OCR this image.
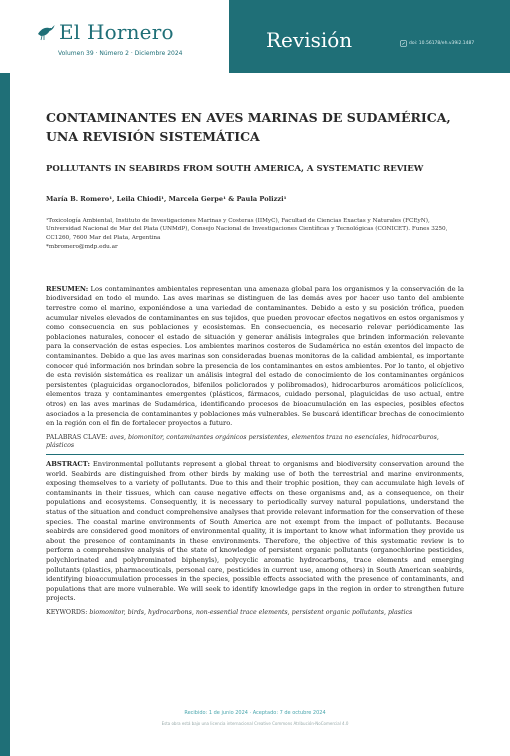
El Hornero
Volumen 39 · Número 2 · Diciembre 2024
Revisión	doi: 10.56178/eh.v39i2.1487
CONTAMINANTES EN AVES MARINAS DE SUDAMÉRICA, UNA REVISIÓN SISTEMÁTICA
POLLUTANTS IN SEABIRDS FROM SOUTH AMERICA, A SYSTEMATIC REVIEW

María B. Romero¹, Leila Chiodi¹, Marcela Gerpe¹ & Paula Polizzi¹

¹Toxicología Ambiental, Instituto de Investigaciones Marinas y Costeras (IIMyC), Facultad de Ciencias Exactas y Naturales (FCEyN), Universidad Nacional de Mar del Plata (UNMdP), Consejo Nacional de Investigaciones Científicas y Tecnológicas (CONICET). Funes 3250, CC1260, 7600 Mar del Plata, Argentina

*mbromero@mdp.edu.ar

RESUMEN: Los contaminantes ambientales representan una amenaza global para los organismos y la conservación de la biodiversidad en todo el mundo. Las aves marinas se distinguen de las demás aves por hacer uso tanto del ambiente terrestre como el marino, exponiéndose a una variedad de contaminantes. Debido a esto y su posición trófica, pueden acumular niveles elevados de contaminantes en sus tejidos, que pueden provocar efectos negativos en estos organismos y como consecuencia en sus poblaciones y ecosistemas. En consecuencia, es necesario relevar periódicamente las poblaciones naturales, conocer el estado de situación y generar análisis integrales que brinden información relevante para la conservación de estas especies. Los ambientes marinos costeros de Sudamérica no están exentos del impacto de contaminantes. Debido a que las aves marinas son consideradas buenas monitoras de la calidad ambiental, es importante conocer qué información nos brindan sobre la presencia de los contaminantes en estos ambientes. Por lo tanto, el objetivo de esta revisión sistemática es realizar un análisis integral del estado de conocimiento de los contaminantes orgánicos persistentes (plaguicidas organoclorados, bifenilos policlorados y polibromados), hidrocarburos aromáticos policíclicos, elementos traza y contaminantes emergentes (plásticos, fármacos, cuidado personal, plaguicidas de uso actual, entre otros) en las aves marinas de Sudamérica, identificando procesos de bioacumulación en las especies, posibles efectos asociados a la presencia de contaminantes y poblaciones más vulnerables. Se buscará identificar brechas de conocimiento en la región con el fin de fortalecer proyectos a futuro.

PALABRAS CLAVE: aves, biomonitor, contaminantes orgánicos persistentes, elementos traza no esenciales, hidrocarburos, plásticos

ABSTRACT: Environmental pollutants represent a global threat to organisms and biodiversity conservation around the world. Seabirds are distinguished from other birds by making use of both the terrestrial and marine environments, exposing themselves to a variety of pollutants. Due to this and their trophic position, they can accumulate high levels of contaminants in their tissues, which can cause negative effects on these organisms and, as a consequence, on their populations and ecosystems. Consequently, it is necessary to periodically survey natural populations, understand the status of the situation and conduct comprehensive analyses that provide relevant information for the conservation of these species. The coastal marine environments of South America are not exempt from the impact of pollutants. Because seabirds are considered good monitors of environmental quality, it is important to know what information they provide us about the presence of contaminants in these environments. Therefore, the objective of this systematic review is to perform a comprehensive analysis of the state of knowledge of persistent organic pollutants (organochlorine pesticides, polychlorinated and polybrominated biphenyls), polycyclic aromatic hydrocarbons, trace elements and emerging pollutants (plastics, pharmaceuticals, personal care, pesticides in current use, among others) in South American seabirds, identifying bioaccumulation processes in the species, possible effects associated with the presence of contaminants, and populations that are more vulnerable. We will seek to identify knowledge gaps in the region in order to strengthen future projects.

KEYWORDS: biomonitor, birds, hydrocarbons, non-essential trace elements, persistent organic pollutants, plastics

Recibido: 1 de junio 2024 · Aceptado: 7 de octubre 2024
Esta obra está bajo una licencia internacional Creative Commons Atribución-NoComercial 4.0
